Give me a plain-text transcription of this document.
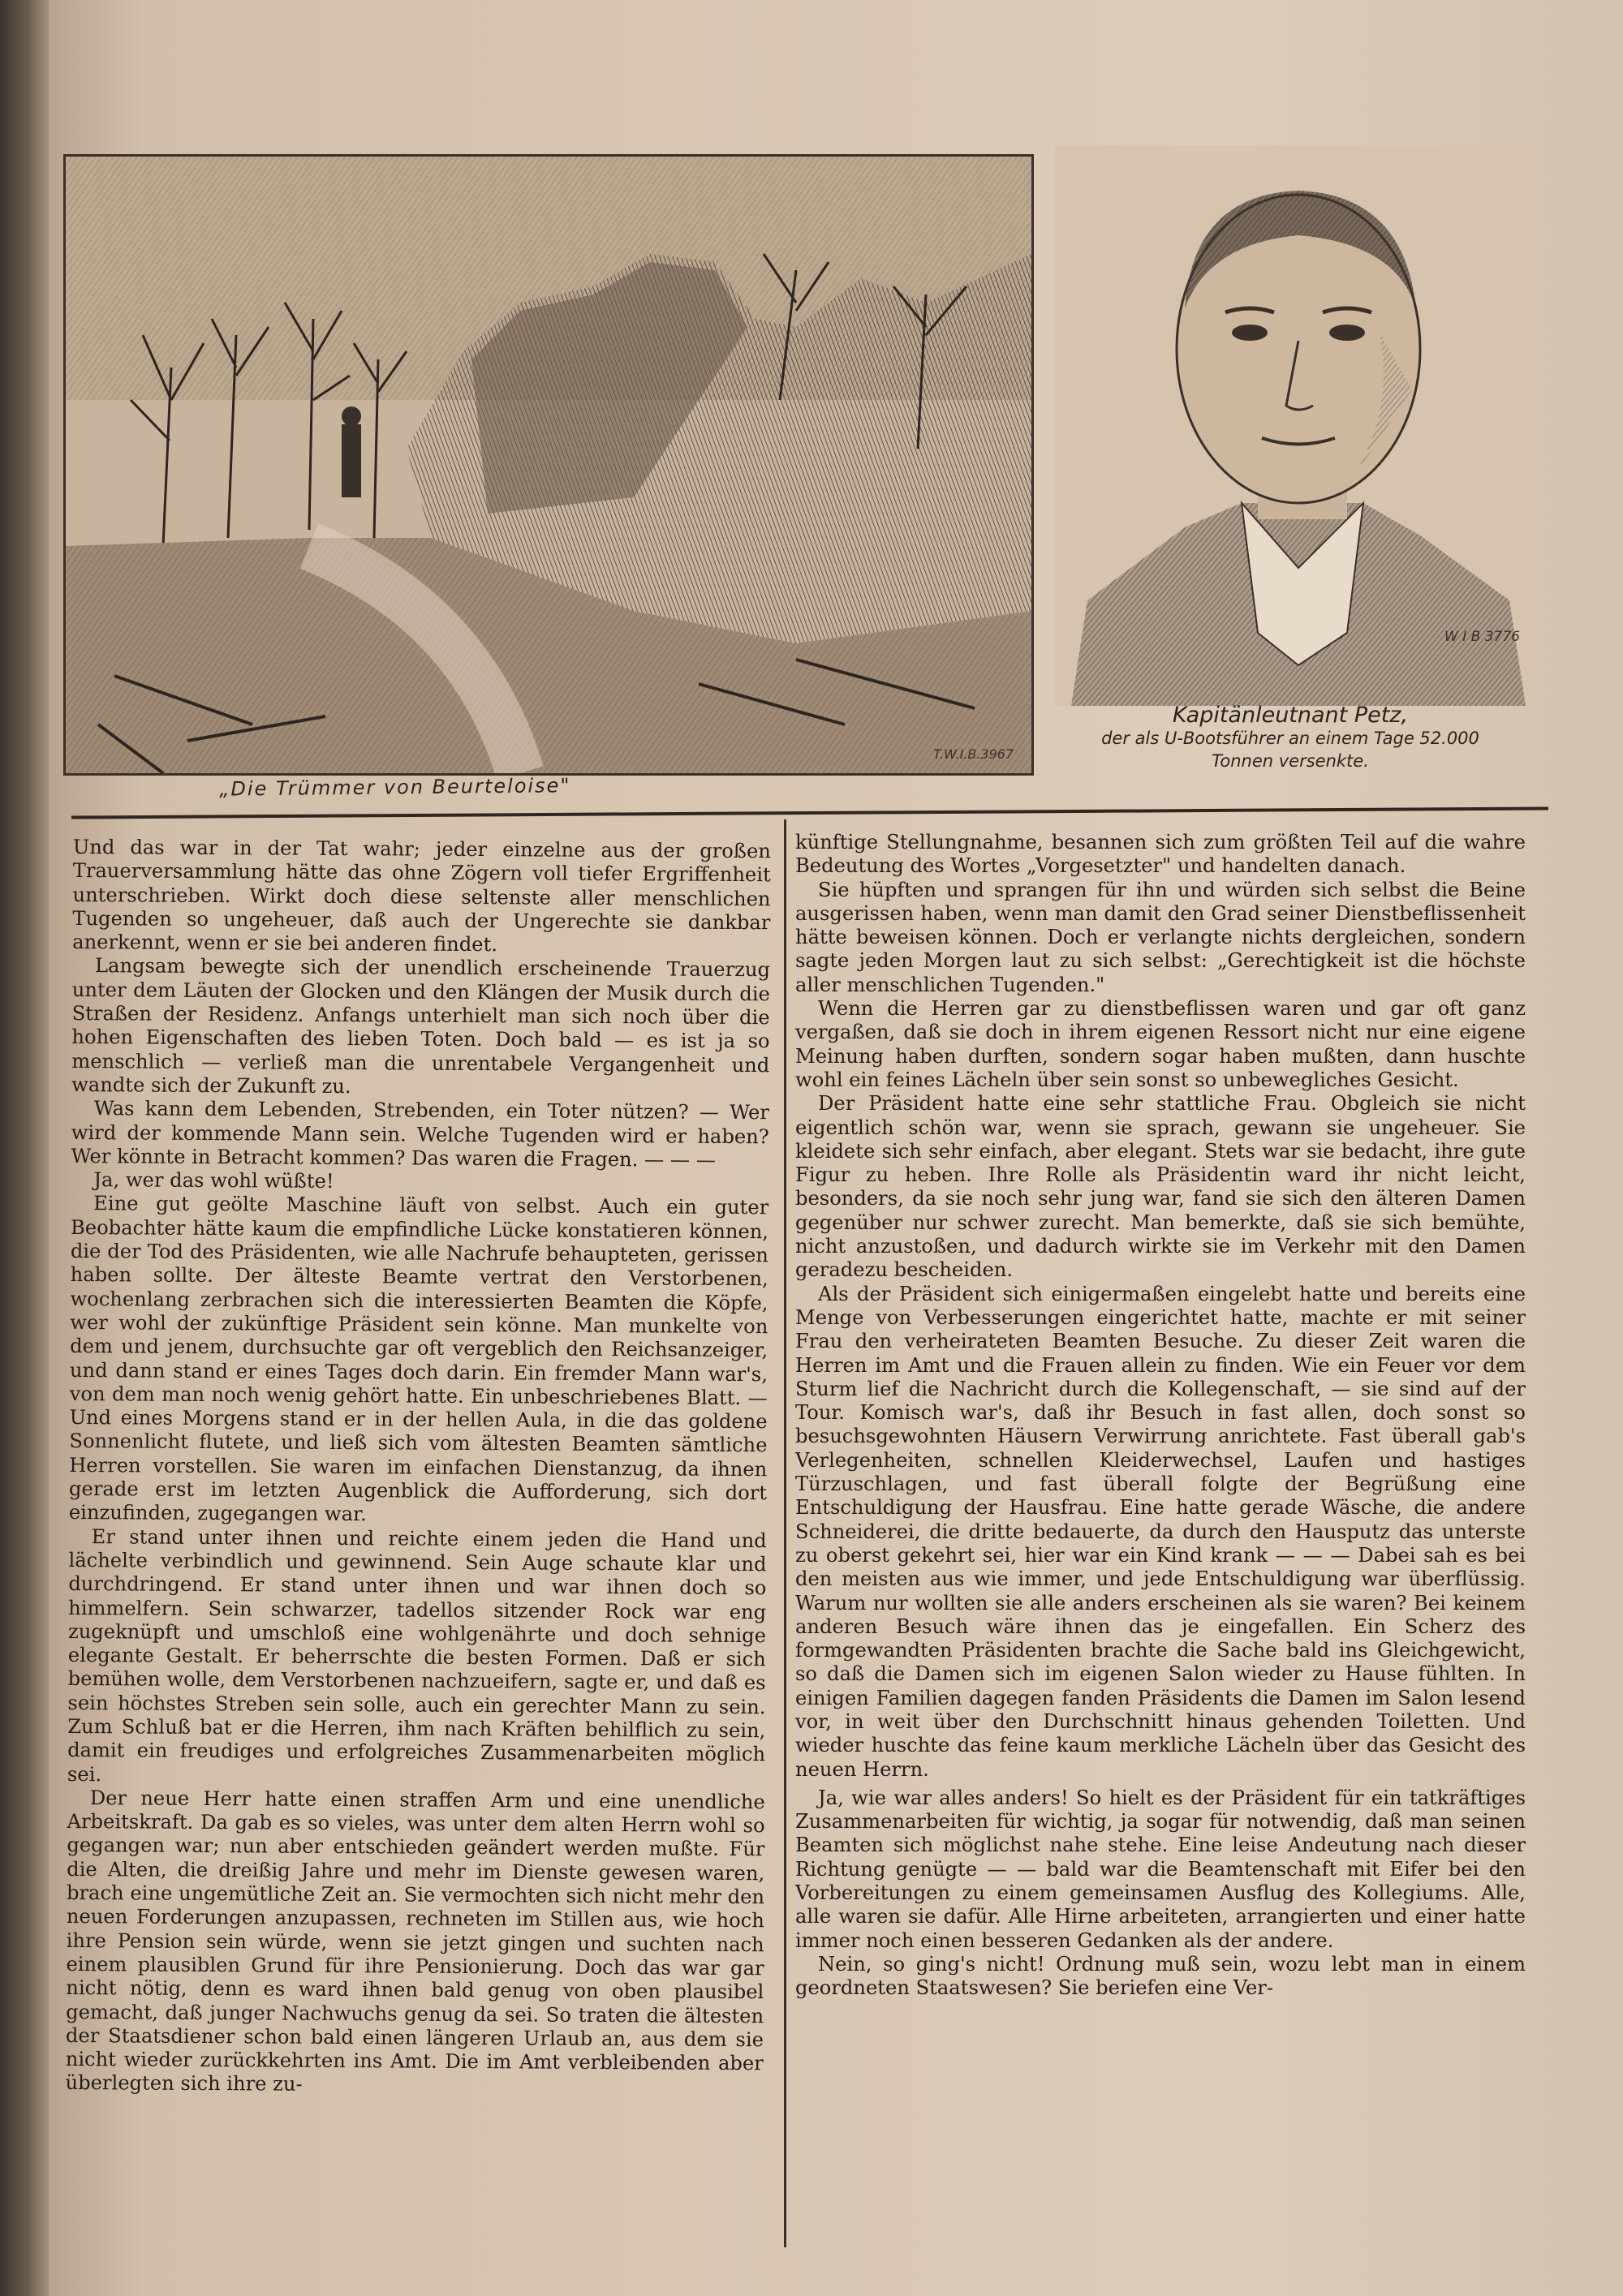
T.W.I.B.3967
„Die Trümmer von Beurteloise"
W I B 3776
Kapitänleutnant Petz,
der als U-Bootsführer an einem Tage 52.000
Tonnen versenkte.

Und das war in der Tat wahr; jeder einzelne aus der großen Trauerversammlung hätte das ohne Zögern voll tiefer Ergriffenheit unterschrieben. Wirkt doch diese seltenste aller menschlichen Tugenden so ungeheuer, daß auch der Ungerechte sie dankbar anerkennt, wenn er sie bei anderen findet.

Langsam bewegte sich der unendlich erscheinende Trauerzug unter dem Läuten der Glocken und den Klängen der Musik durch die Straßen der Residenz. Anfangs unterhielt man sich noch über die hohen Eigenschaften des lieben Toten. Doch bald — es ist ja so menschlich — verließ man die unrentabele Vergangenheit und wandte sich der Zukunft zu.

Was kann dem Lebenden, Strebenden, ein Toter nützen? — Wer wird der kommende Mann sein. Welche Tugenden wird er haben? Wer könnte in Betracht kommen? Das waren die Fragen. — — —

Ja, wer das wohl wüßte!

Eine gut geölte Maschine läuft von selbst. Auch ein guter Beobachter hätte kaum die empfindliche Lücke konstatieren können, die der Tod des Präsidenten, wie alle Nachrufe behaupteten, gerissen haben sollte. Der älteste Beamte vertrat den Verstorbenen, wochenlang zerbrachen sich die interessierten Beamten die Köpfe, wer wohl der zukünftige Präsident sein könne. Man munkelte von dem und jenem, durchsuchte gar oft vergeblich den Reichsanzeiger, und dann stand er eines Tages doch darin. Ein fremder Mann war's, von dem man noch wenig gehört hatte. Ein unbeschriebenes Blatt. — Und eines Morgens stand er in der hellen Aula, in die das goldene Sonnenlicht flutete, und ließ sich vom ältesten Beamten sämtliche Herren vorstellen. Sie waren im einfachen Dienstanzug, da ihnen gerade erst im letzten Augenblick die Aufforderung, sich dort einzufinden, zugegangen war.

Er stand unter ihnen und reichte einem jeden die Hand und lächelte verbindlich und gewinnend. Sein Auge schaute klar und durchdringend. Er stand unter ihnen und war ihnen doch so himmelfern. Sein schwarzer, tadellos sitzender Rock war eng zugeknüpft und umschloß eine wohlgenährte und doch sehnige elegante Gestalt. Er beherrschte die besten Formen. Daß er sich bemühen wolle, dem Verstorbenen nachzueifern, sagte er, und daß es sein höchstes Streben sein solle, auch ein gerechter Mann zu sein. Zum Schluß bat er die Herren, ihm nach Kräften behilflich zu sein, damit ein freudiges und erfolgreiches Zusammenarbeiten möglich sei.

Der neue Herr hatte einen straffen Arm und eine unendliche Arbeitskraft. Da gab es so vieles, was unter dem alten Herrn wohl so gegangen war; nun aber entschieden geändert werden mußte. Für die Alten, die dreißig Jahre und mehr im Dienste gewesen waren, brach eine ungemütliche Zeit an. Sie vermochten sich nicht mehr den neuen Forderungen anzupassen, rechneten im Stillen aus, wie hoch ihre Pension sein würde, wenn sie jetzt gingen und suchten nach einem plausiblen Grund für ihre Pensionierung. Doch das war gar nicht nötig, denn es ward ihnen bald genug von oben plausibel gemacht, daß junger Nachwuchs genug da sei. So traten die ältesten der Staatsdiener schon bald einen längeren Urlaub an, aus dem sie nicht wieder zurückkehrten ins Amt. Die im Amt verbleibenden aber überlegten sich ihre zu-

künftige Stellungnahme, besannen sich zum größten Teil auf die wahre Bedeutung des Wortes „Vorgesetzter" und handelten danach.

Sie hüpften und sprangen für ihn und würden sich selbst die Beine ausgerissen haben, wenn man damit den Grad seiner Dienstbeflissenheit hätte beweisen können. Doch er verlangte nichts dergleichen, sondern sagte jeden Morgen laut zu sich selbst: „Gerechtigkeit ist die höchste aller menschlichen Tugenden."

Wenn die Herren gar zu dienstbeflissen waren und gar oft ganz vergaßen, daß sie doch in ihrem eigenen Ressort nicht nur eine eigene Meinung haben durften, sondern sogar haben mußten, dann huschte wohl ein feines Lächeln über sein sonst so unbewegliches Gesicht.

Der Präsident hatte eine sehr stattliche Frau. Obgleich sie nicht eigentlich schön war, wenn sie sprach, gewann sie ungeheuer. Sie kleidete sich sehr einfach, aber elegant. Stets war sie bedacht, ihre gute Figur zu heben. Ihre Rolle als Präsidentin ward ihr nicht leicht, besonders, da sie noch sehr jung war, fand sie sich den älteren Damen gegenüber nur schwer zurecht. Man bemerkte, daß sie sich bemühte, nicht anzustoßen, und dadurch wirkte sie im Verkehr mit den Damen geradezu bescheiden.

Als der Präsident sich einigermaßen eingelebt hatte und bereits eine Menge von Verbesserungen eingerichtet hatte, machte er mit seiner Frau den verheirateten Beamten Besuche. Zu dieser Zeit waren die Herren im Amt und die Frauen allein zu finden. Wie ein Feuer vor dem Sturm lief die Nachricht durch die Kollegenschaft, — sie sind auf der Tour. Komisch war's, daß ihr Besuch in fast allen, doch sonst so besuchsgewohnten Häusern Verwirrung anrichtete. Fast überall gab's Verlegenheiten, schnellen Kleiderwechsel, Laufen und hastiges Türzuschlagen, und fast überall folgte der Begrüßung eine Entschuldigung der Hausfrau. Eine hatte gerade Wäsche, die andere Schneiderei, die dritte bedauerte, da durch den Hausputz das unterste zu oberst gekehrt sei, hier war ein Kind krank — — — Dabei sah es bei den meisten aus wie immer, und jede Entschuldigung war überflüssig. Warum nur wollten sie alle anders erscheinen als sie waren? Bei keinem anderen Besuch wäre ihnen das je eingefallen. Ein Scherz des formgewandten Präsidenten brachte die Sache bald ins Gleichgewicht, so daß die Damen sich im eigenen Salon wieder zu Hause fühlten. In einigen Familien dagegen fanden Präsidents die Damen im Salon lesend vor, in weit über den Durchschnitt hinaus gehenden Toiletten. Und wieder huschte das feine kaum merkliche Lächeln über das Gesicht des neuen Herrn.

Ja, wie war alles anders! So hielt es der Präsident für ein tatkräftiges Zusammenarbeiten für wichtig, ja sogar für notwendig, daß man seinen Beamten sich möglichst nahe stehe. Eine leise Andeutung nach dieser Richtung genügte — — bald war die Beamtenschaft mit Eifer bei den Vorbereitungen zu einem gemeinsamen Ausflug des Kollegiums. Alle, alle waren sie dafür. Alle Hirne arbeiteten, arrangierten und einer hatte immer noch einen besseren Gedanken als der andere.

Nein, so ging's nicht! Ordnung muß sein, wozu lebt man in einem geordneten Staatswesen? Sie beriefen eine Ver-
